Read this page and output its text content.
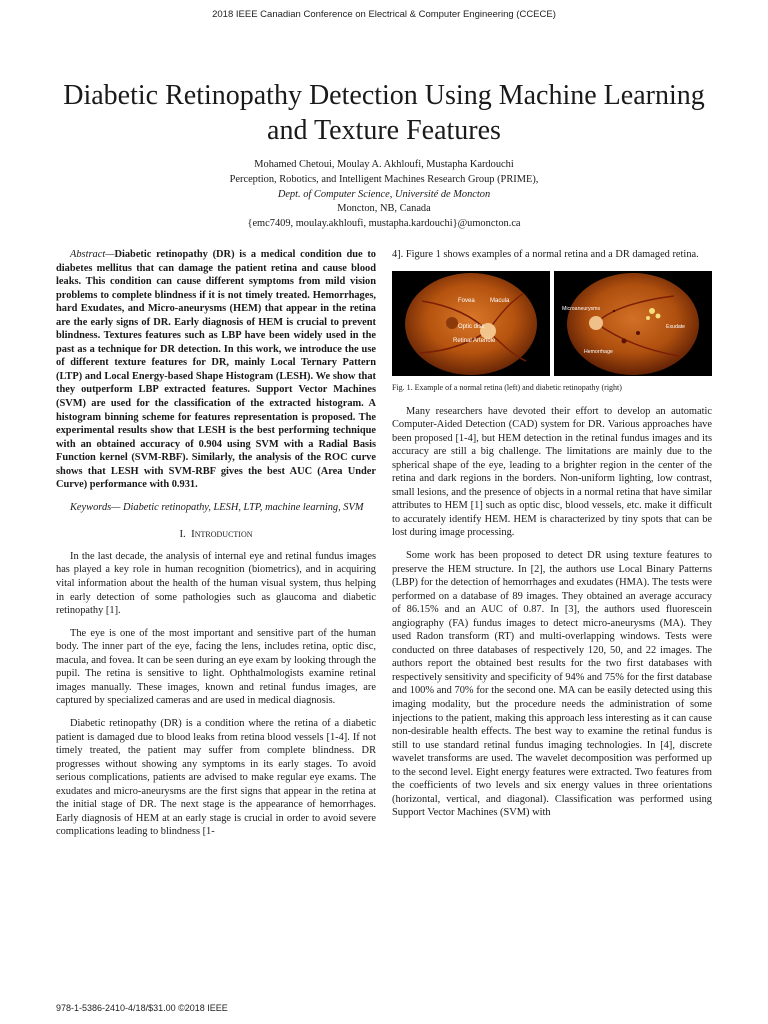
2018 IEEE Canadian Conference on Electrical & Computer Engineering (CCECE)
Diabetic Retinopathy Detection Using Machine Learning and Texture Features
Mohamed Chetoui, Moulay A. Akhloufi, Mustapha Kardouchi
Perception, Robotics, and Intelligent Machines Research Group (PRIME),
Dept. of Computer Science, Université de Moncton
Moncton, NB, Canada
{emc7409, moulay.akhloufi, mustapha.kardouchi}@umoncton.ca

Abstract—Diabetic retinopathy (DR) is a medical condition due to diabetes mellitus that can damage the patient retina and cause blood leaks. This condition can cause different symptoms from mild vision problems to complete blindness if it is not timely treated. Hemorrhages, hard Exudates, and Micro-aneurysms (HEM) that appear in the retina are the early signs of DR. Early diagnosis of HEM is crucial to prevent blindness. Textures features such as LBP have been widely used in the past as a technique for DR detection. In this work, we introduce the use of different texture features for DR, mainly Local Ternary Pattern (LTP) and Local Energy-based Shape Histogram (LESH). We show that they outperform LBP extracted features. Support Vector Machines (SVM) are used for the classification of the extracted histogram. A histogram binning scheme for features representation is proposed. The experimental results show that LESH is the best performing technique with an obtained accuracy of 0.904 using SVM with a Radial Basis Function kernel (SVM-RBF). Similarly, the analysis of the ROC curve shows that LESH with SVM-RBF gives the best AUC (Area Under Curve) performance with 0.931.

Keywords— Diabetic retinopathy, LESH, LTP, machine learning, SVM

I. Introduction

In the last decade, the analysis of internal eye and retinal fundus images has played a key role in human recognition (biometrics), and in acquiring vital information about the health of the human visual system, thus helping in early detection of some pathologies such as glaucoma and diabetic retinopathy [1].

The eye is one of the most important and sensitive part of the human body. The inner part of the eye, facing the lens, includes retina, optic disc, macula, and fovea. It can be seen during an eye exam by looking through the pupil. The retina is sensitive to light. Ophthalmologists examine retinal images manually. These images, known and retinal fundus images, are captured by specialized cameras and are used in medical diagnosis.

Diabetic retinopathy (DR) is a condition where the retina of a diabetic patient is damaged due to blood leaks from retina blood vessels [1-4]. If not timely treated, the patient may suffer from complete blindness. DR progresses without showing any symptoms in its early stages. To avoid serious complications, patients are advised to make regular eye exams. The exudates and micro-aneurysms are the first signs that appear in the retina at the initial stage of DR. The next stage is the appearance of hemorrhages. Early diagnosis of HEM at an early stage is crucial in order to avoid severe complications leading to blindness [1-

4]. Figure 1 shows examples of a normal retina and a DR damaged retina.

Fovea	Macula
Optic disc
Retinal Arteriole
Microaneurysms
Exudate
Hemorrhage

Fig. 1. Example of a normal retina (left) and diabetic retinopathy (right)

Many researchers have devoted their effort to develop an automatic Computer-Aided Detection (CAD) system for DR. Various approaches have been proposed [1-4], but HEM detection in the retinal fundus images and its accuracy are still a big challenge. The limitations are mainly due to the spherical shape of the eye, leading to a brighter region in the center of the retina and dark regions in the borders. Non-uniform lighting, low contrast, small lesions, and the presence of objects in a normal retina that have similar attributes to HEM [1] such as optic disc, blood vessels, etc. make it difficult to accurately identify HEM. HEM is characterized by tiny spots that can be lost during image processing.

Some work has been proposed to detect DR using texture features to preserve the HEM structure. In [2], the authors use Local Binary Patterns (LBP) for the detection of hemorrhages and exudates (HMA). The tests were performed on a database of 89 images. They obtained an average accuracy of 86.15% and an AUC of 0.87. In [3], the authors used fluorescein angiography (FA) fundus images to detect micro-aneurysms (MA). They used Radon transform (RT) and multi-overlapping windows. Tests were conducted on three databases of respectively 120, 50, and 22 images. The authors report the obtained best results for the two first databases with respectively sensitivity and specificity of 94% and 75% for the first database and 100% and 70% for the second one. MA can be easily detected using this imaging modality, but the procedure needs the administration of some injections to the patient, making this approach less interesting as it can cause non-desirable health effects. The best way to examine the retinal fundus is still to use standard retinal fundus imaging technologies. In [4], discrete wavelet transforms are used. The wavelet decomposition was performed up to the second level. Eight energy features were extracted. Two features from the coefficients of two levels and six energy values in three orientations (horizontal, vertical, and diagonal). Classification was performed using Support Vector Machines (SVM) with

978-1-5386-2410-4/18/$31.00 ©2018 IEEE
